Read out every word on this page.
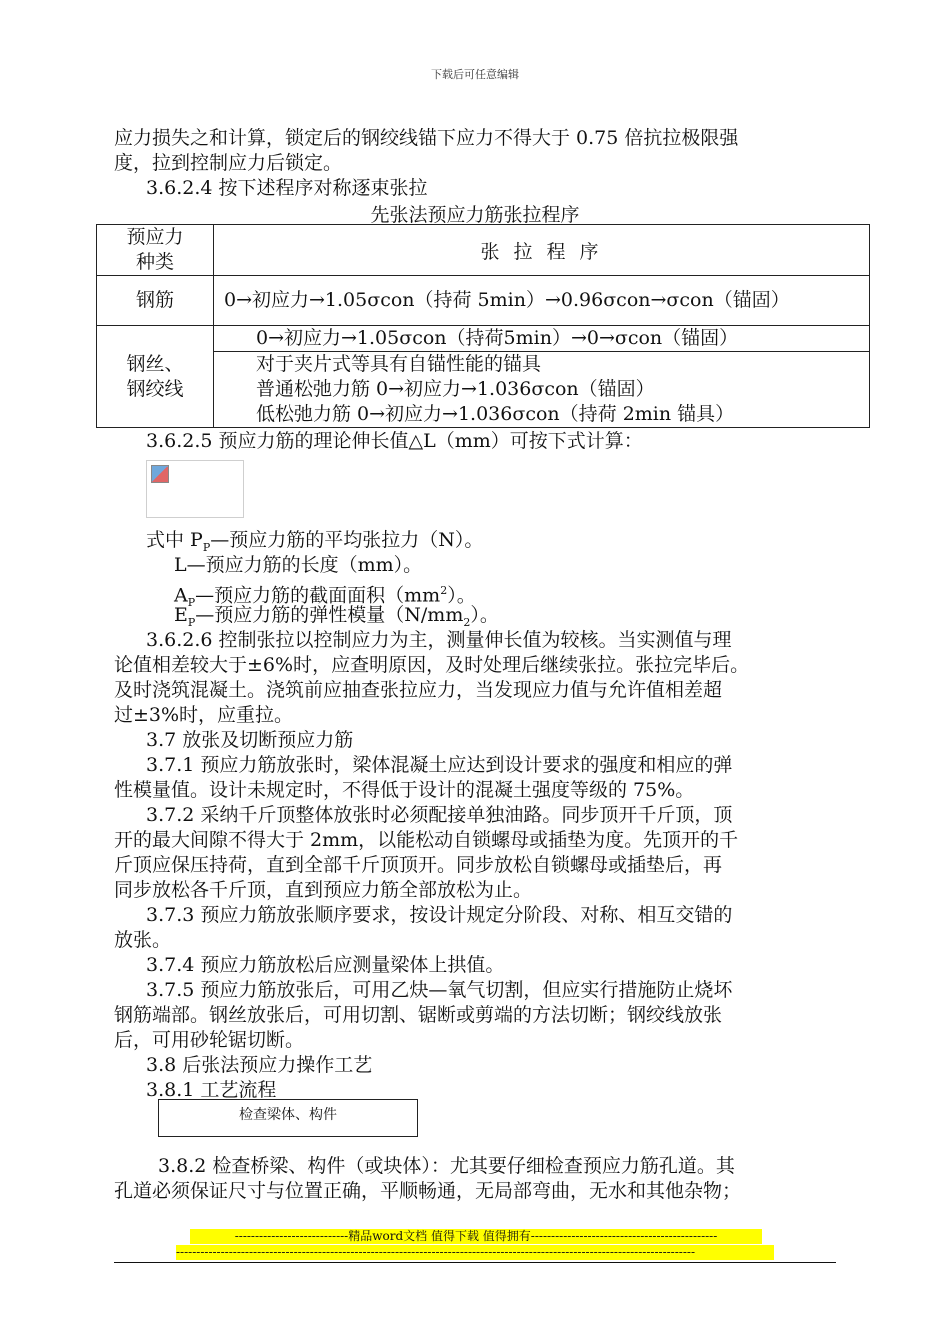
下载后可任意编辑
应力损失之和计算，锁定后的钢绞线锚下应力不得大于 0.75 倍抗拉极限强
度，拉到控制应力后锁定。
3.6.2.4 按下述程序对称逐束张拉
先张法预应力筋张拉程序
预应力种类	张 拉 程 序
钢筋	0→初应力→1.05σcon（持荷 5min）→0.96σcon→σcon（锚固）
钢丝、钢绞线	0→初应力→1.05σcon（持荷5min）→0→σcon（锚固）

	对于夹片式等具有自锚性能的锚具
普通松弛力筋 0→初应力→1.036σcon（锚固）
低松弛力筋 0→初应力→1.036σcon（持荷 2min 锚具）
3.6.2.5 预应力筋的理论伸长值△L（mm）可按下式计算：
式中 $P_P—$预应力筋的平均张拉力（N）。
L—预应力筋的长度（mm）。
$A_P—$预应力筋的截面面积$(mm^2)$。
$E_P—$预应力筋的弹性模量$(N/mm_2)$。
3.6.2.6 控制张拉以控制应力为主，测量伸长值为较核。当实测值与理
论值相差较大于±6%时，应查明原因，及时处理后继续张拉。张拉完毕后。
及时浇筑混凝土。浇筑前应抽查张拉应力，当发现应力值与允许值相差超
过±3%时，应重拉。
3.7 放张及切断预应力筋
3.7.1 预应力筋放张时，梁体混凝土应达到设计要求的强度和相应的弹
性模量值。设计未规定时，不得低于设计的混凝土强度等级的 75%。
3.7.2 采纳千斤顶整体放张时必须配接单独油路。同步顶开千斤顶，顶
开的最大间隙不得大于 2mm，以能松动自锁螺母或插垫为度。先顶开的千
斤顶应保压持荷，直到全部千斤顶顶开。同步放松自锁螺母或插垫后，再
同步放松各千斤顶，直到预应力筋全部放松为止。
3.7.3 预应力筋放张顺序要求，按设计规定分阶段、对称、相互交错的
放张。
3.7.4 预应力筋放松后应测量梁体上拱值。
3.7.5 预应力筋放张后，可用乙炔—氧气切割，但应实行措施防止烧坏
钢筋端部。钢丝放张后，可用切割、锯断或剪端的方法切断；钢绞线放张
后，可用砂轮锯切断。
3.8 后张法预应力操作工艺
3.8.1 工艺流程
检查梁体、构件
3.8.2 检查桥梁、构件（或块体）：尤其要仔细检查预应力筋孔道。其
孔道必须保证尺寸与位置正确，平顺畅通，无局部弯曲，无水和其他杂物；
----------------------------精品word文档 值得下载 值得拥有----------------------------------------------
--------------------------------------------------------------------------------------------------------------------------------
